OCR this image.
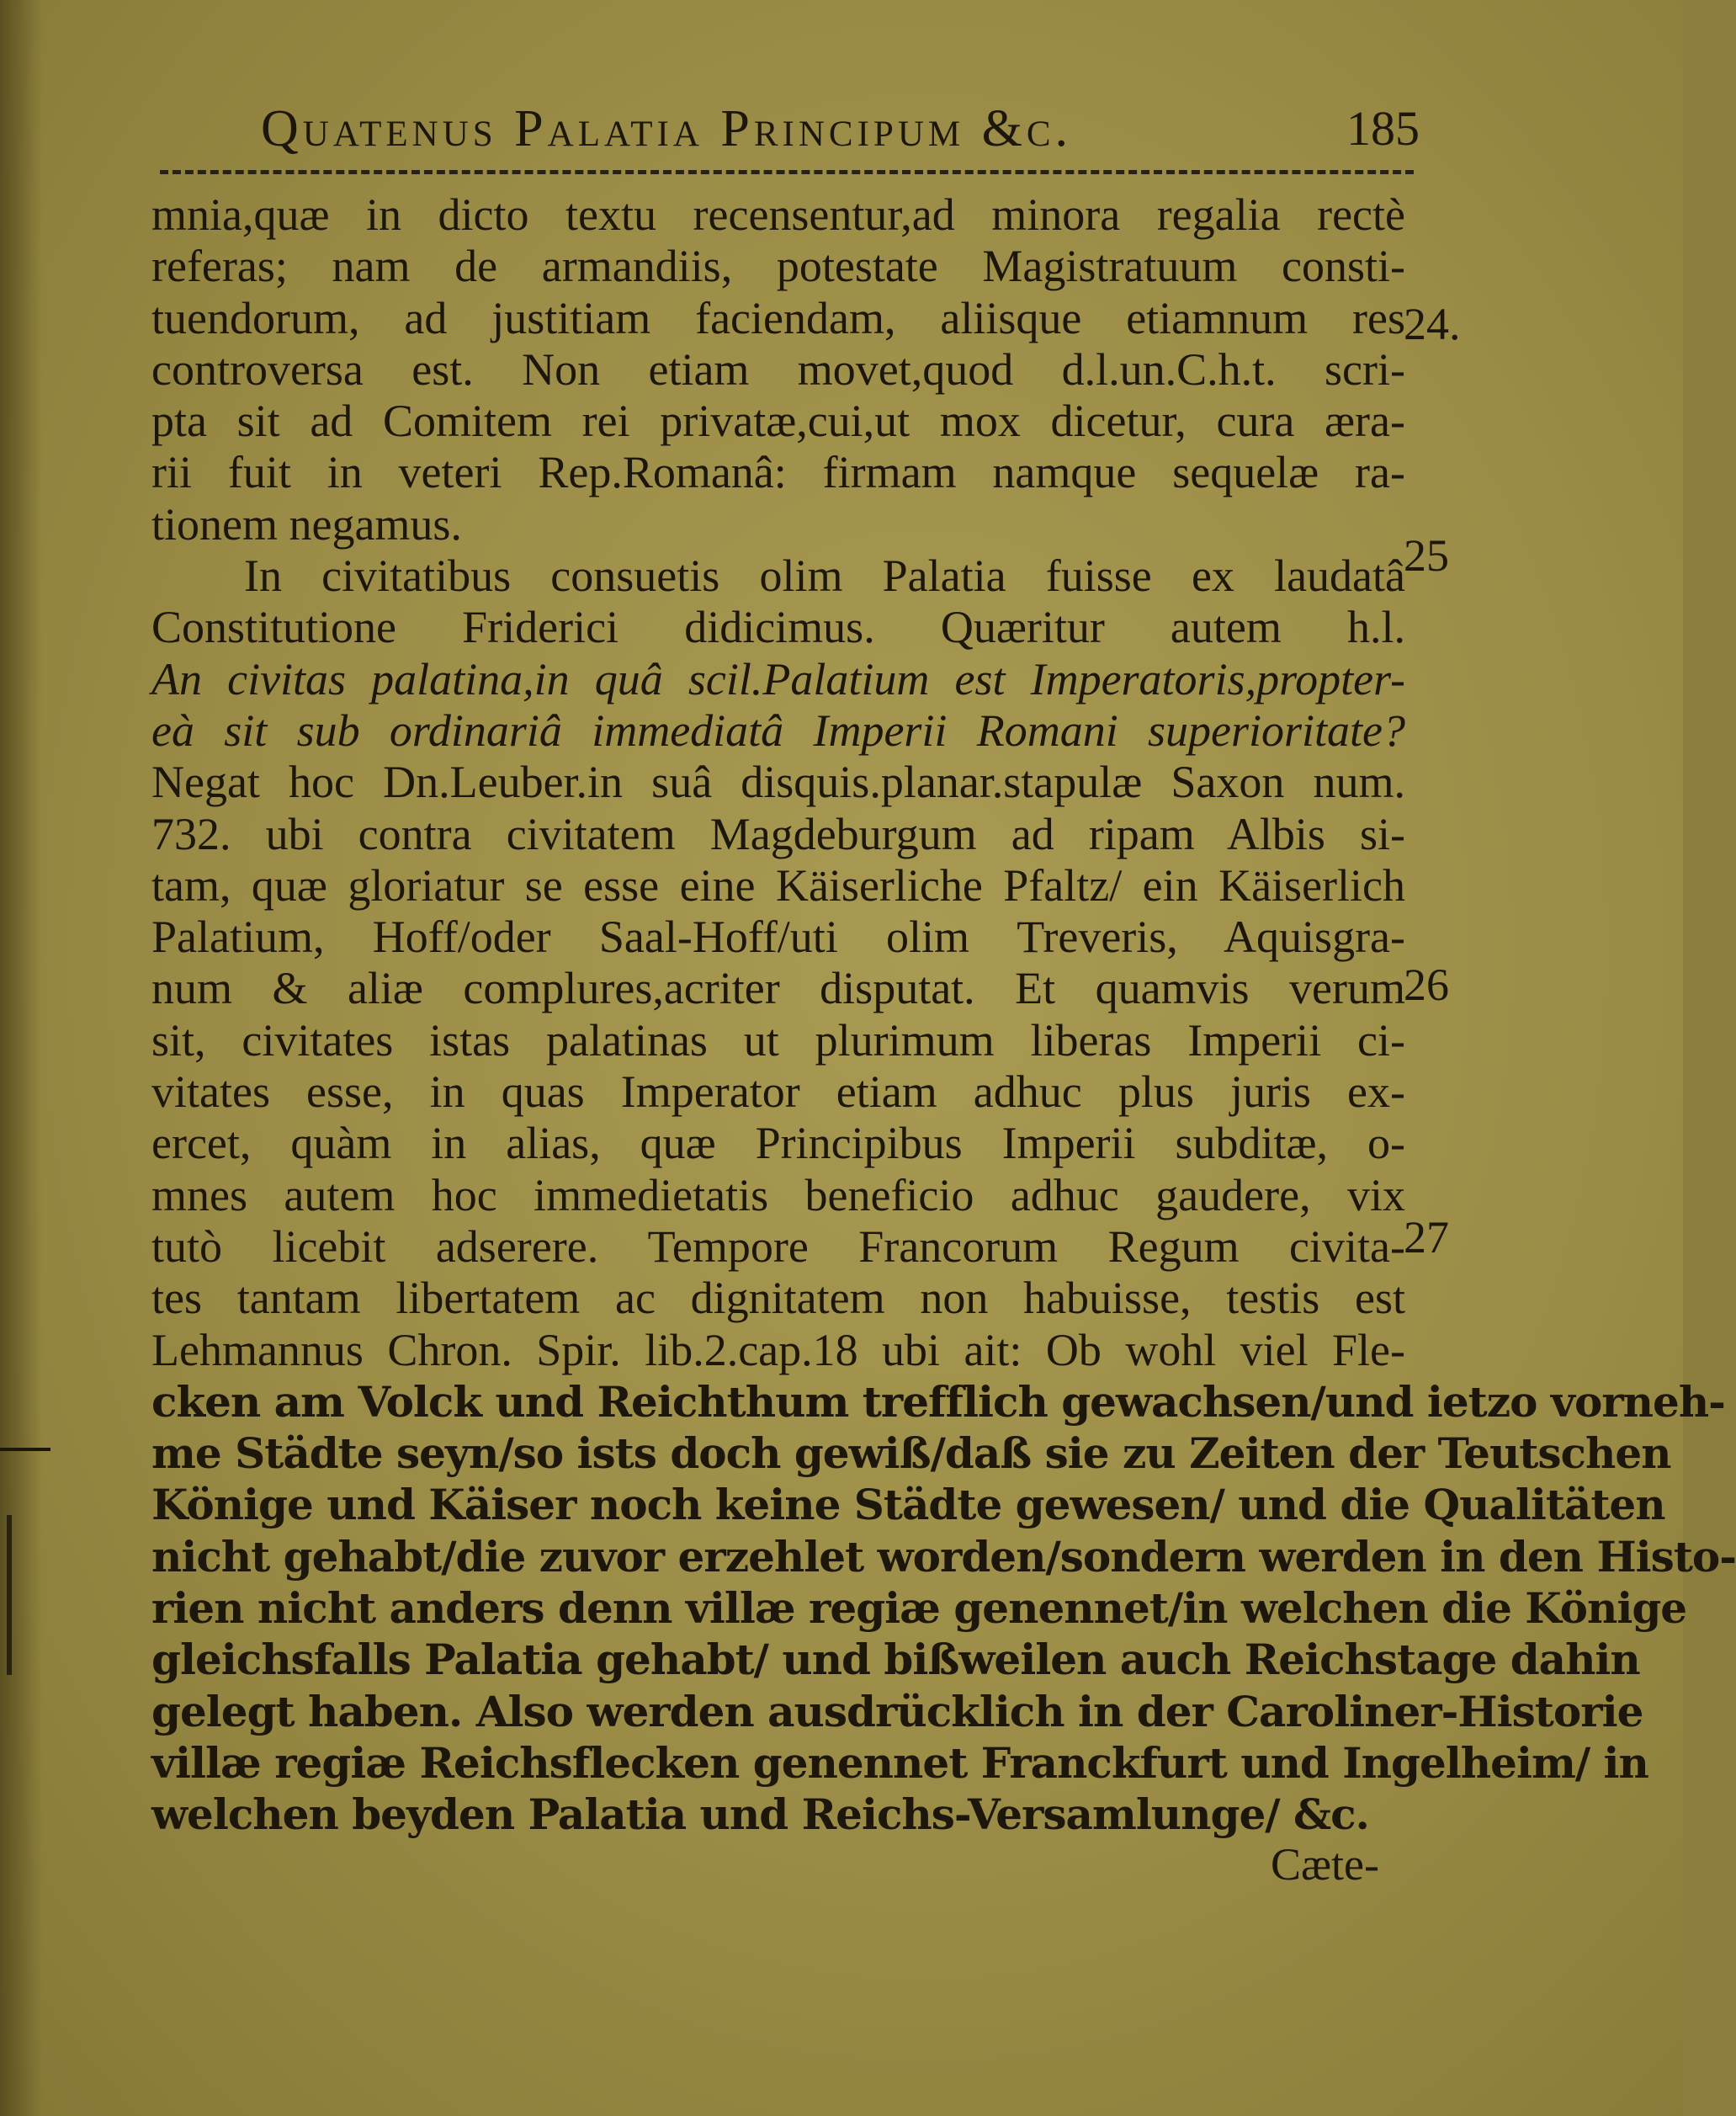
Quatenus Palatia Principum &c.	185
mnia,quæ in dicto textu recensentur,ad minora regalia rectè
referas; nam de armandiis, potestate Magistratuum consti-
tuendorum, ad justitiam faciendam, aliisque etiamnum res
controversa est. Non etiam movet,quod d.l.un.C.h.t. scri-
pta sit ad Comitem rei privatæ,cui,ut mox dicetur, cura æra-
rii fuit in veteri Rep.Romanâ: firmam namque sequelæ ra-
tionem negamus.
In civitatibus consuetis olim Palatia fuisse ex laudatâ
Constitutione Friderici didicimus. Quæritur autem h.l.
An civitas palatina,in quâ scil.Palatium est Imperatoris,propter-
eà sit sub ordinariâ immediatâ Imperii Romani superioritate?
Negat hoc Dn.Leuber.in suâ disquis.planar.stapulæ Saxon num.
732. ubi contra civitatem Magdeburgum ad ripam Albis si-
tam, quæ gloriatur se esse eine Käiserliche Pfaltz/ ein Käiserlich
Palatium, Hoff/oder Saal-Hoff/uti olim Treveris, Aquisgra-
num & aliæ complures,acriter disputat. Et quamvis verum
sit, civitates istas palatinas ut plurimum liberas Imperii ci-
vitates esse, in quas Imperator etiam adhuc plus juris ex-
ercet, quàm in alias, quæ Principibus Imperii subditæ, o-
mnes autem hoc immedietatis beneficio adhuc gaudere, vix
tutò licebit adserere. Tempore Francorum Regum civita-
tes tantam libertatem ac dignitatem non habuisse, testis est
Lehmannus Chron. Spir. lib.2.cap.18 ubi ait: Ob wohl viel Fle-
cken am Volck und Reichthum trefflich gewachsen/und ietzo vorneh-
me Städte seyn/so ists doch gewiß/daß sie zu Zeiten der Teutschen
Könige und Käiser noch keine Städte gewesen/ und die Qualitäten
nicht gehabt/die zuvor erzehlet worden/sondern werden in den Histo-
rien nicht anders denn villæ regiæ genennet/in welchen die Könige
gleichsfalls Palatia gehabt/ und bißweilen auch Reichstage dahin
gelegt haben. Also werden ausdrücklich in der Caroliner-Historie
villæ regiæ Reichsflecken genennet Franckfurt und Ingelheim/ in
welchen beyden Palatia und Reichs-Versamlunge/ &c.
24.
25
26
27
Cæte-
